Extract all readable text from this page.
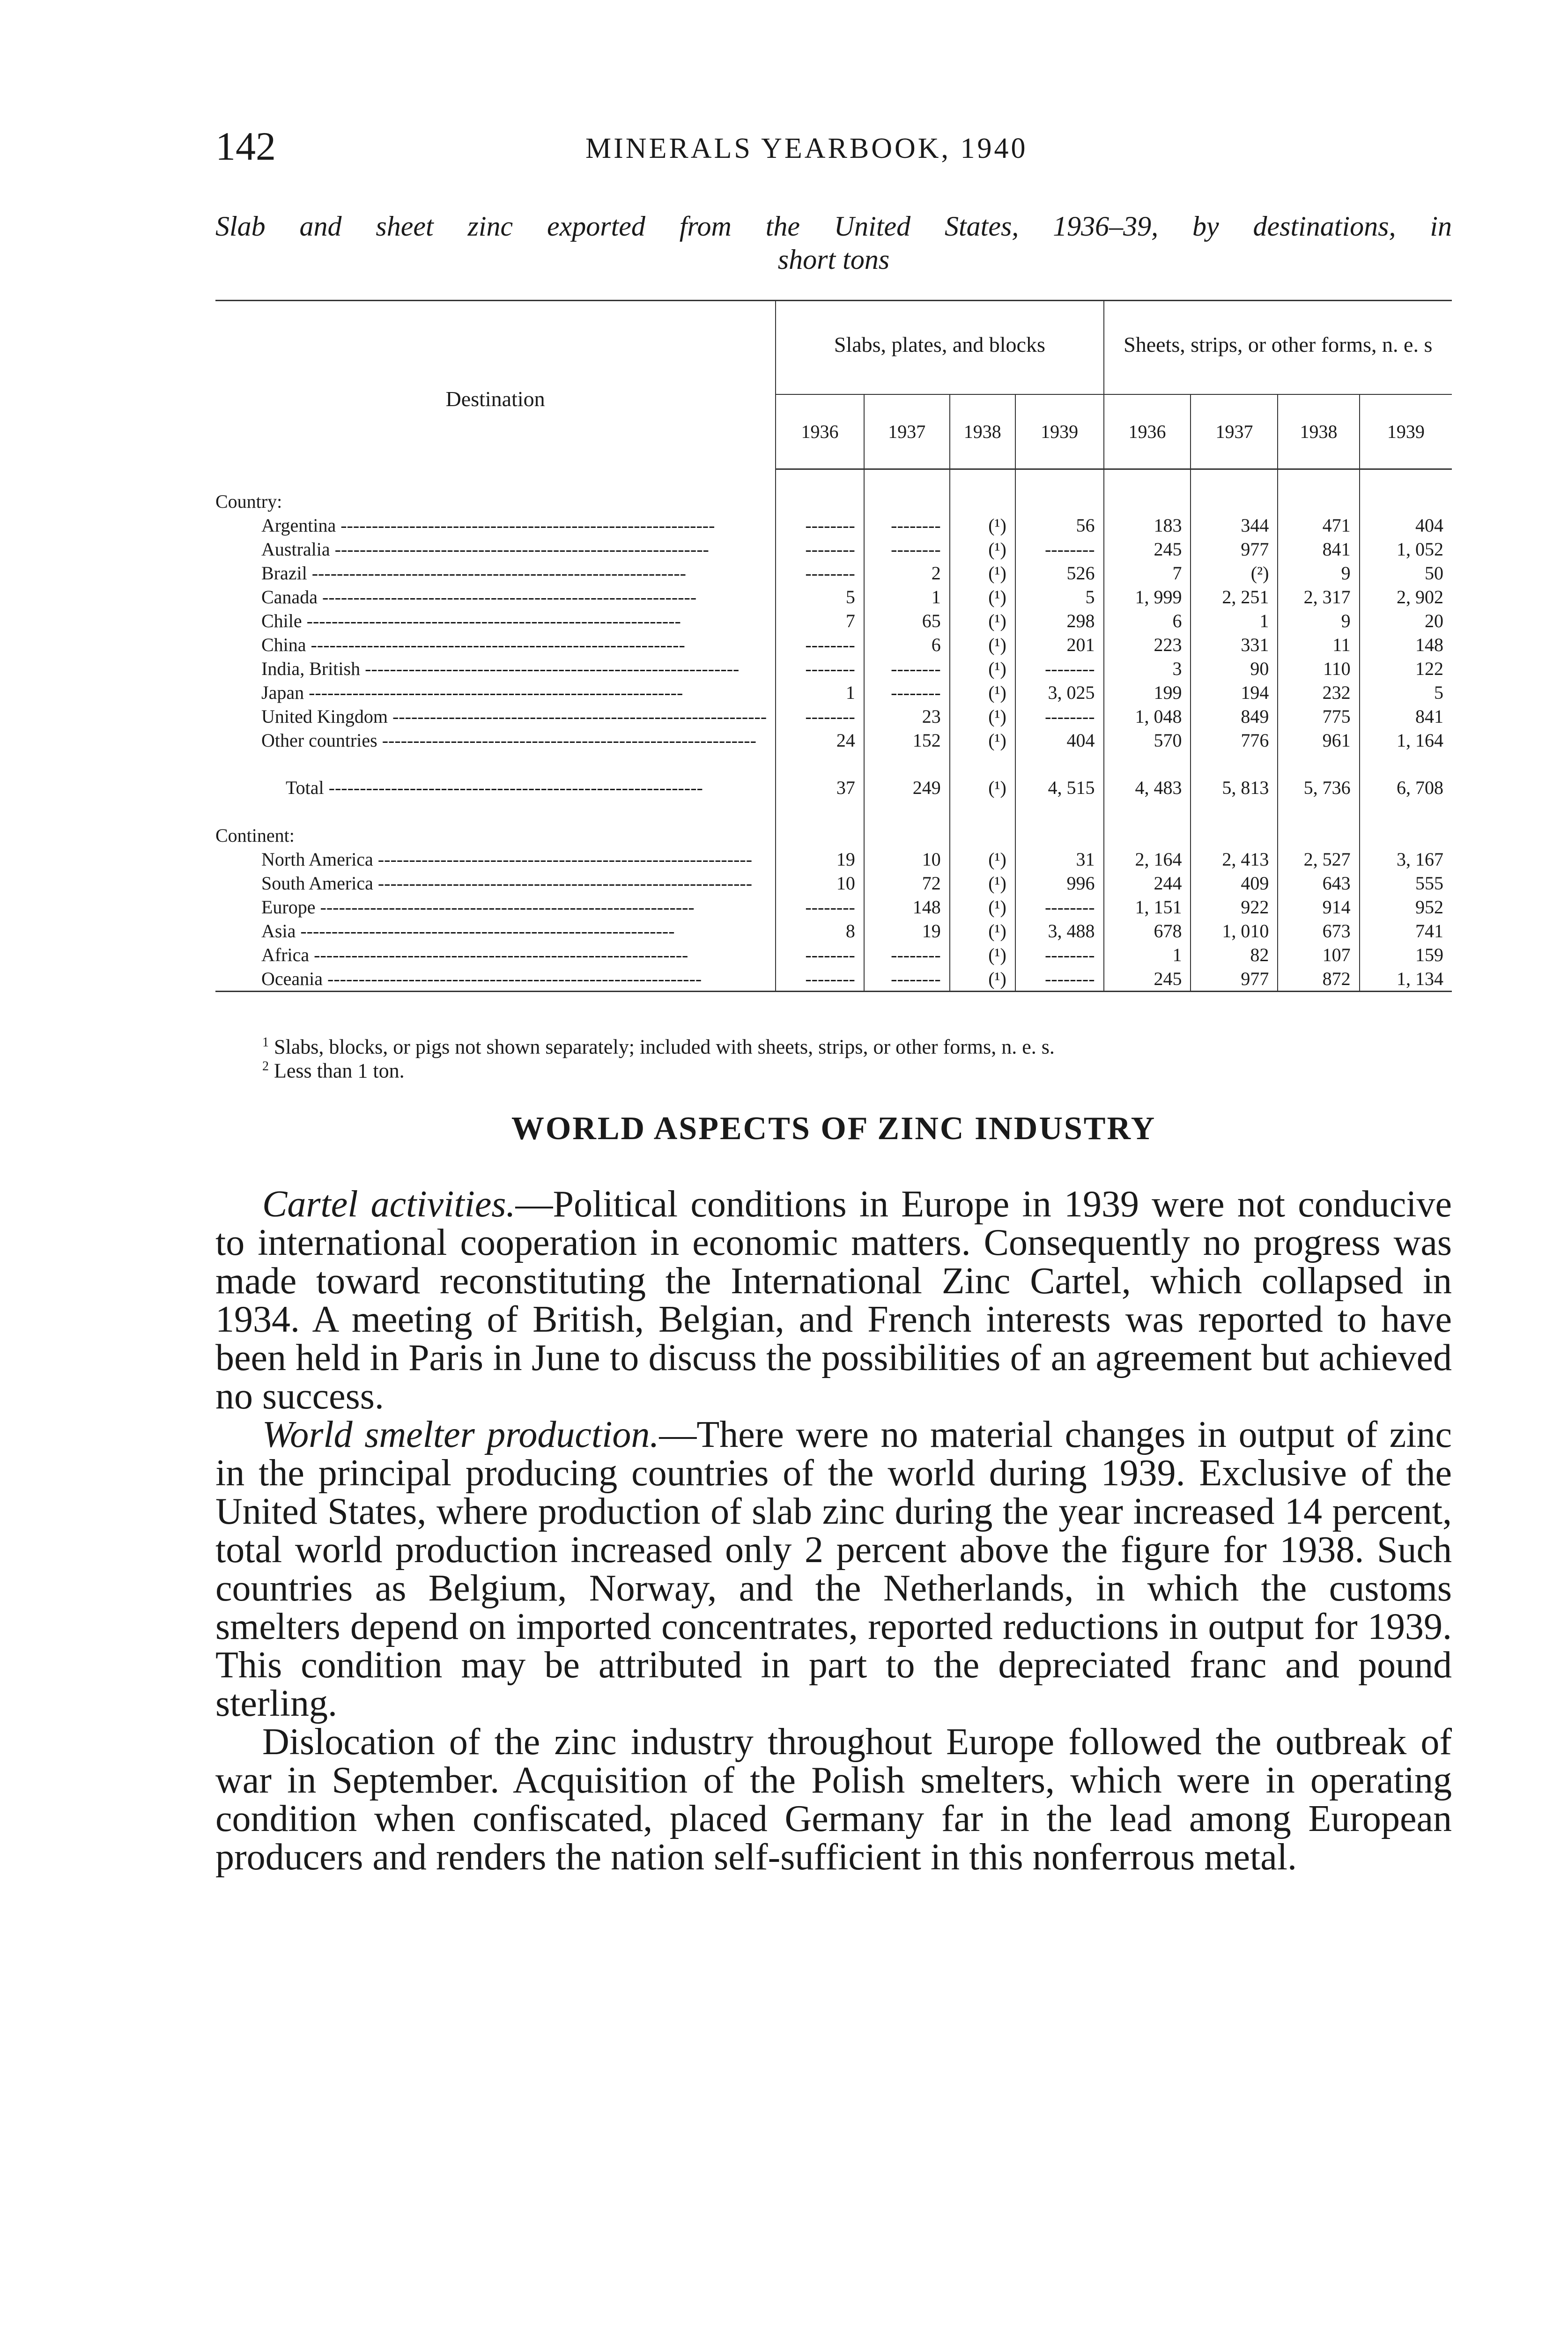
142	MINERALS YEARBOOK, 1940
Slab and sheet zinc exported from the United States, 1936–39, by destinations, in
short tons
Destination	Slabs, plates, and blocks				Sheets, strips, or other forms, n. e. s			
	1936	1937	1938	1939	1936	1937	1938	1939

Country:								
Argentina ------------------------------------------------------------	--------	--------	(¹)	56	183	344	471	404
Australia ------------------------------------------------------------	--------	--------	(¹)	--------	245	977	841	1, 052
Brazil ------------------------------------------------------------	--------	2	(¹)	526	7	(²)	9	50
Canada ------------------------------------------------------------	5	1	(¹)	5	1, 999	2, 251	2, 317	2, 902
Chile ------------------------------------------------------------	7	65	(¹)	298	6	1	9	20
China ------------------------------------------------------------	--------	6	(¹)	201	223	331	11	148
India, British ------------------------------------------------------------	--------	--------	(¹)	--------	3	90	110	122
Japan ------------------------------------------------------------	1	--------	(¹)	3, 025	199	194	232	5
United Kingdom ------------------------------------------------------------	--------	23	(¹)	--------	1, 048	849	775	841
Other countries ------------------------------------------------------------	24	152	(¹)	404	570	776	961	1, 164

Total ------------------------------------------------------------	37	249	(¹)	4, 515	4, 483	5, 813	5, 736	6, 708

Continent:								
North America ------------------------------------------------------------	19	10	(¹)	31	2, 164	2, 413	2, 527	3, 167
South America ------------------------------------------------------------	10	72	(¹)	996	244	409	643	555
Europe ------------------------------------------------------------	--------	148	(¹)	--------	1, 151	922	914	952
Asia ------------------------------------------------------------	8	19	(¹)	3, 488	678	1, 010	673	741
Africa ------------------------------------------------------------	--------	--------	(¹)	--------	1	82	107	159
Oceania ------------------------------------------------------------	--------	--------	(¹)	--------	245	977	872	1, 134
$^1$ Slabs, blocks, or pigs not shown separately; included with sheets, strips, or other forms, n. e. s.
$^2$ Less than 1 ton.
WORLD ASPECTS OF ZINC INDUSTRY

Cartel activities.—Political conditions in Europe in 1939 were not conducive to international cooperation in economic matters. Consequently no progress was made toward reconstituting the International Zinc Cartel, which collapsed in 1934. A meeting of British, Belgian, and French interests was reported to have been held in Paris in June to discuss the possibilities of an agreement but achieved no success.

World smelter production.—There were no material changes in output of zinc in the principal producing countries of the world during 1939. Exclusive of the United States, where production of slab zinc during the year increased 14 percent, total world production increased only 2 percent above the figure for 1938. Such countries as Belgium, Norway, and the Netherlands, in which the customs smelters depend on imported concentrates, reported reductions in output for 1939. This condition may be attributed in part to the depreciated franc and pound sterling.

Dislocation of the zinc industry throughout Europe followed the outbreak of war in September. Acquisition of the Polish smelters, which were in operating condition when confiscated, placed Germany far in the lead among European producers and renders the nation self-sufficient in this nonferrous metal.
